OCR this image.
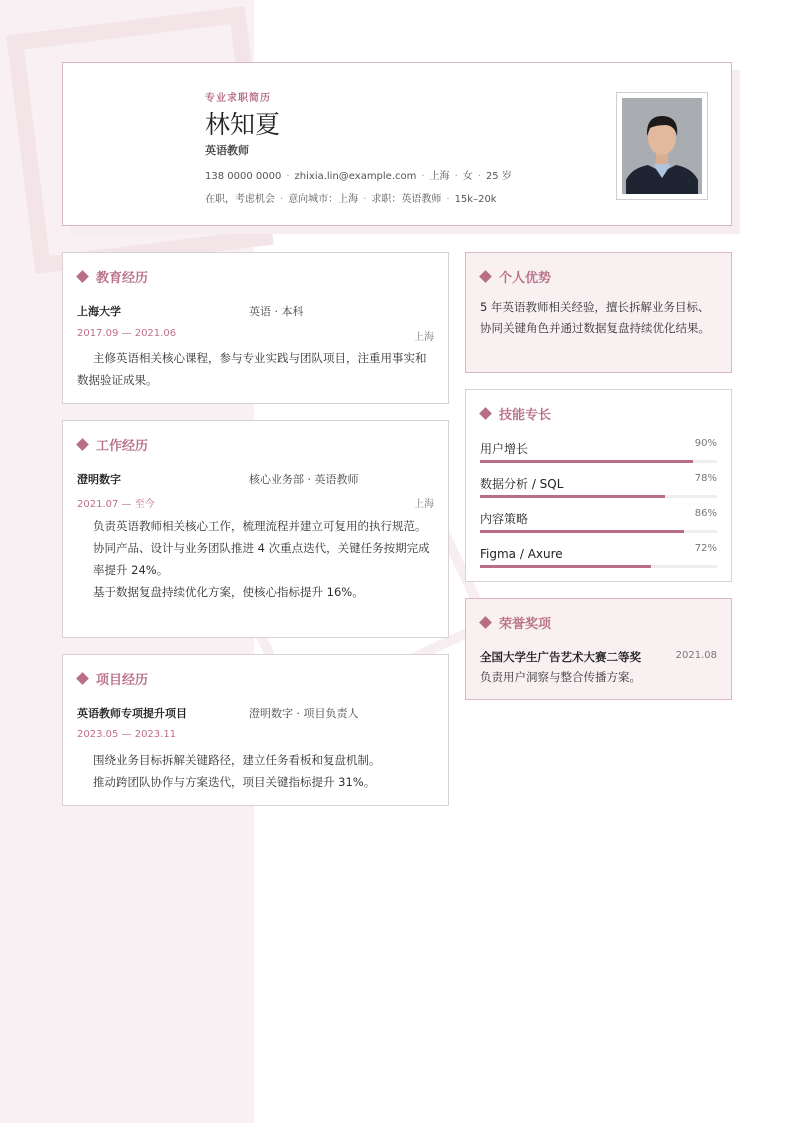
专业求职简历
林知夏
英语教师
138 0000 0000 · zhixia.lin@example.com · 上海 · 女 · 25 岁
在职，考虑机会 · 意向城市：上海 · 求职：英语教师 · 15k–20k
教育经历
上海大学	英语 · 本科
2017.09 — 2021.06	上海

主修英语相关核心课程，参与专业实践与团队项目，注重用事实和数据验证成果。

工作经历
澄明数字	核心业务部 · 英语教师
2021.07 — 至今	上海

负责英语教师相关核心工作，梳理流程并建立可复用的执行规范。

协同产品、设计与业务团队推进 4 次重点迭代，关键任务按期完成率提升 24%。

基于数据复盘持续优化方案，使核心指标提升 16%。

项目经历
英语教师专项提升项目	澄明数字 · 项目负责人
2023.05 — 2023.11

围绕业务目标拆解关键路径，建立任务看板和复盘机制。

推动跨团队协作与方案迭代，项目关键指标提升 31%。

个人优势
5 年英语教师相关经验，擅长拆解业务目标、协同关键角色并通过数据复盘持续优化结果。
技能专长
用户增长	90%
数据分析 / SQL	78%
内容策略	86%
Figma / Axure	72%
荣誉奖项
全国大学生广告艺术大赛二等奖	2021.08
负责用户洞察与整合传播方案。
